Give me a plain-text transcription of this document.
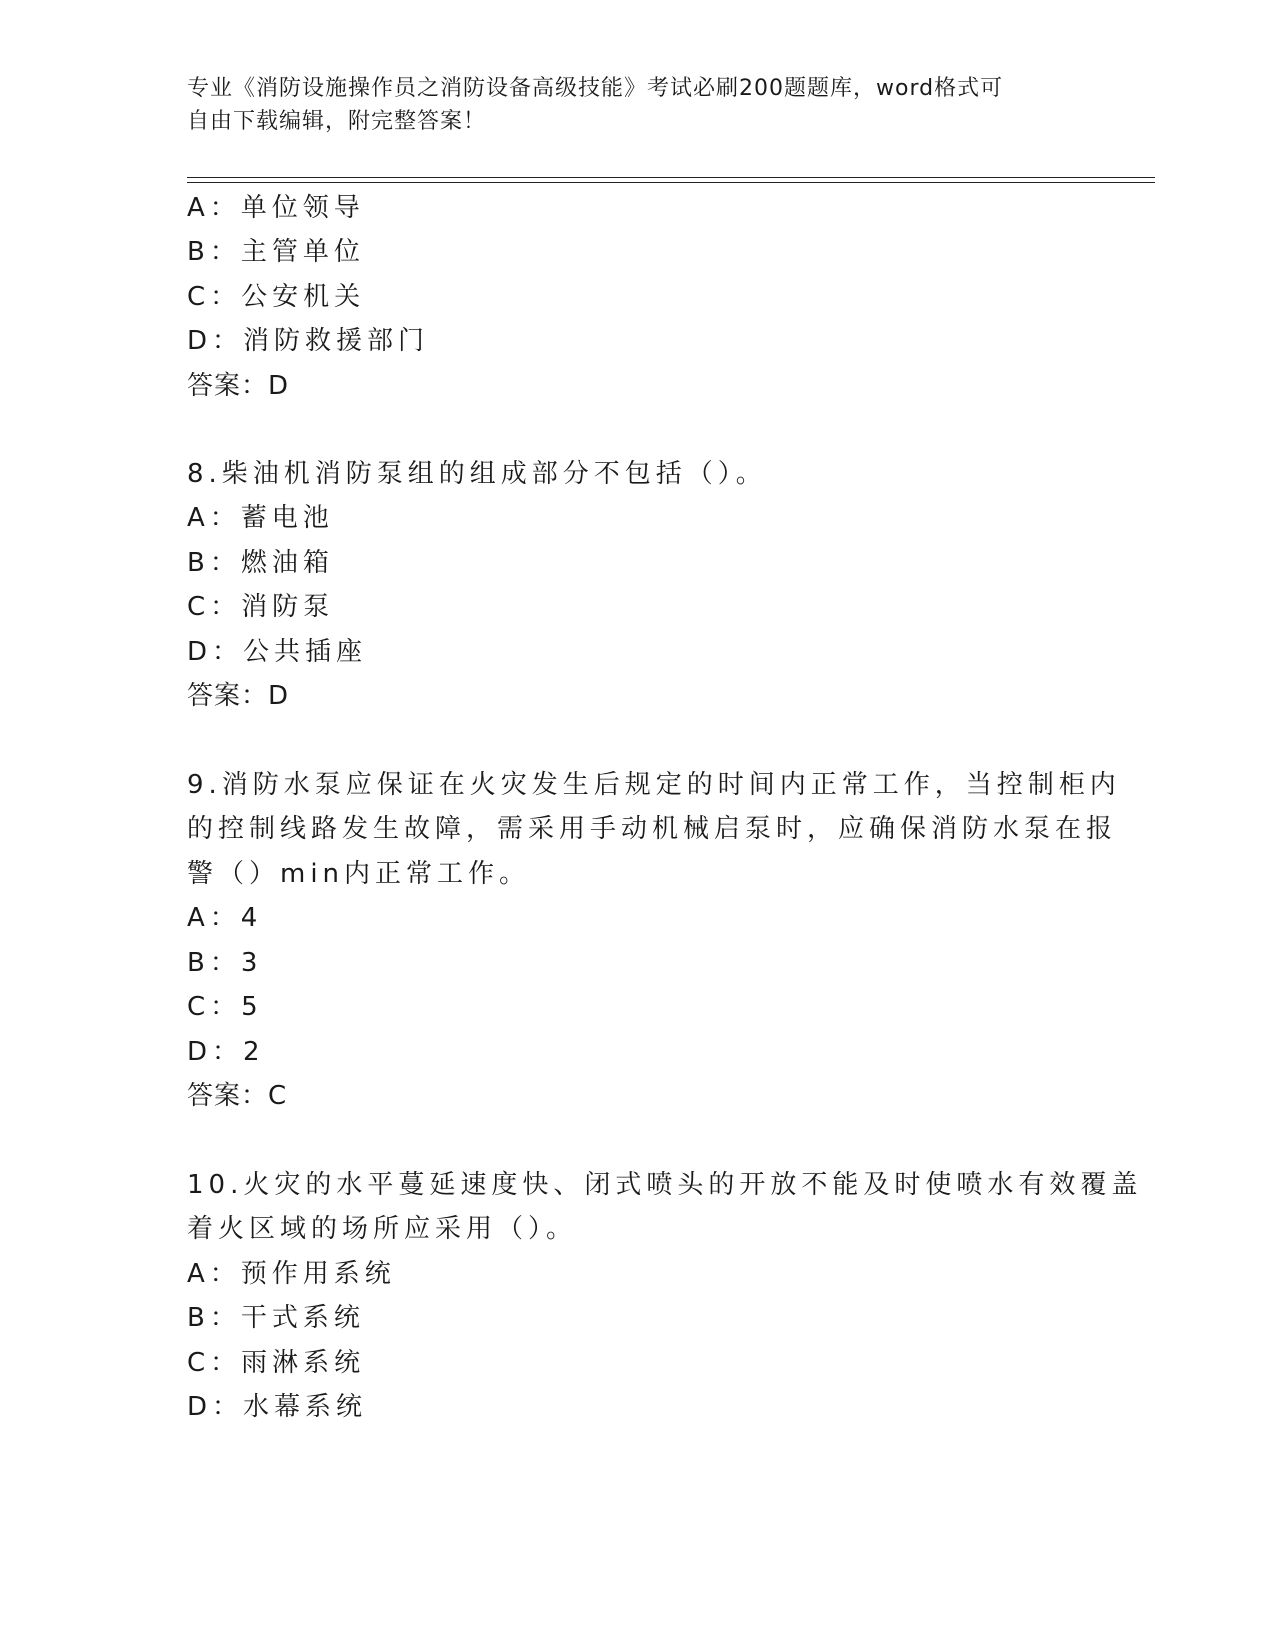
专业《消防设施操作员之消防设备高级技能》考试必刷200题题库，word格式可
自由下载编辑，附完整答案！
A：单位领导
B：主管单位
C：公安机关
D：消防救援部门
答案：D
8.柴油机消防泵组的组成部分不包括（）。
A：蓄电池
B：燃油箱
C：消防泵
D：公共插座
答案：D
9.消防水泵应保证在火灾发生后规定的时间内正常工作，当控制柜内
的控制线路发生故障，需采用手动机械启泵时，应确保消防水泵在报
警（）min内正常工作。
A：4
B：3
C：5
D：2
答案：C
10.火灾的水平蔓延速度快、闭式喷头的开放不能及时使喷水有效覆盖
着火区域的场所应采用（）。
A：预作用系统
B：干式系统
C：雨淋系统
D：水幕系统
